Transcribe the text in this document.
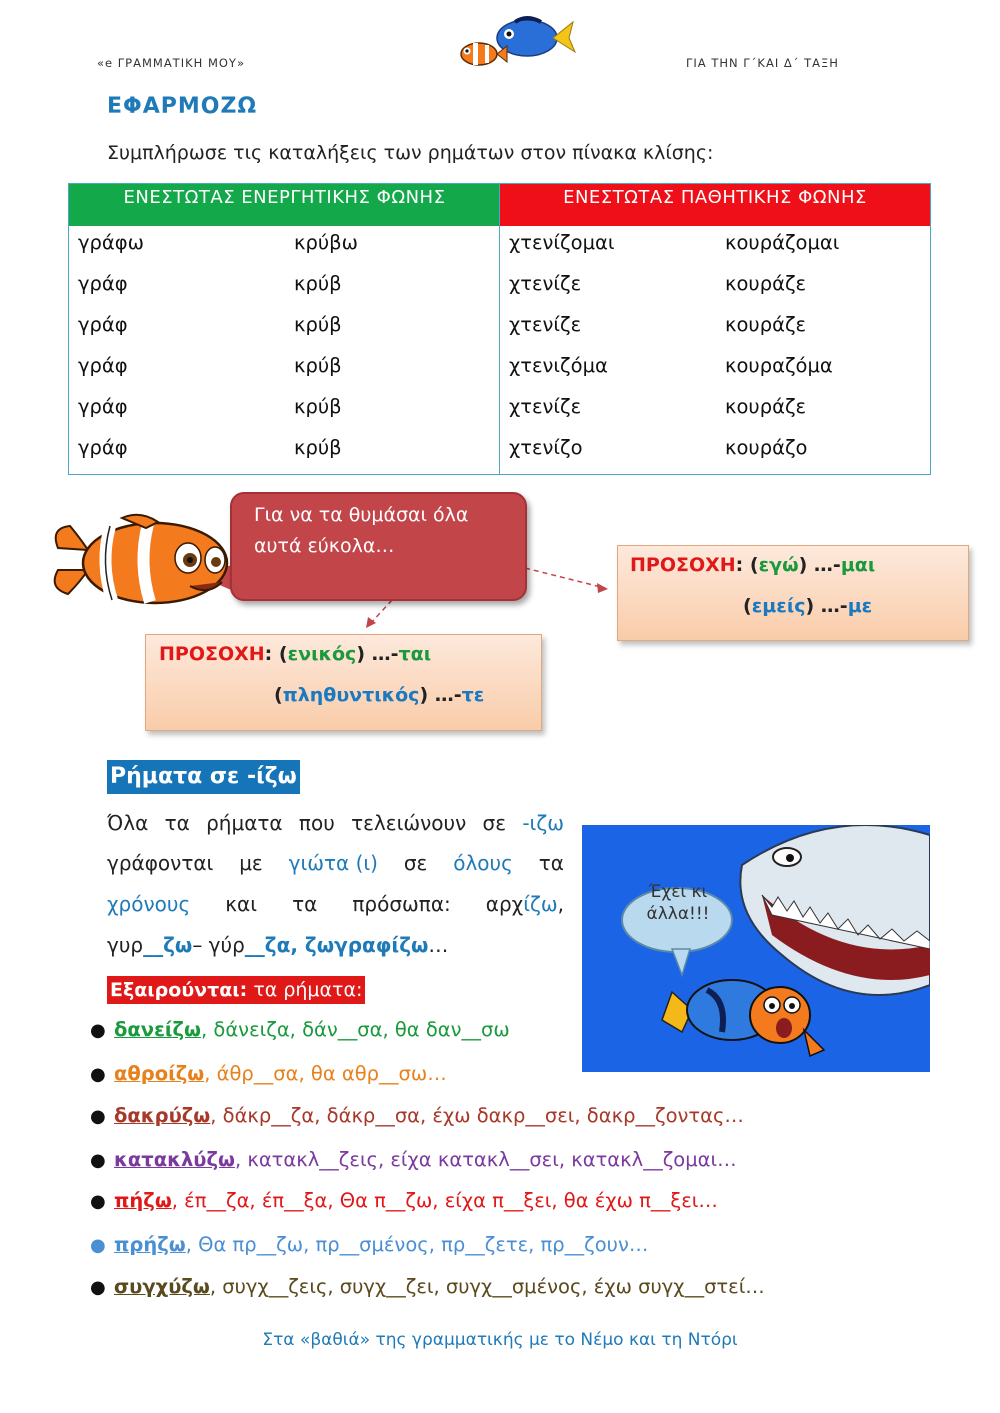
«e ΓΡΑΜΜΑΤΙΚΗ ΜΟΥ»	ΓΙΑ ΤΗΝ Γ΄ΚΑΙ Δ΄ ΤΑΞΗ
ΕΦΑΡΜΟΖΩ
Συμπλήρωσε τις καταλήξεις των ρημάτων στον πίνακα κλίσης:
ΕΝΕΣΤΩΤΑΣ ΕΝΕΡΓΗΤΙΚΗΣ ΦΩΝΗΣ	ΕΝΕΣΤΩΤΑΣ ΠΑΘΗΤΙΚΗΣ ΦΩΝΗΣ
γράφω
γράφ
γράφ
γράφ
γράφ
γράφ
κρύβω
κρύβ
κρύβ
κρύβ
κρύβ
κρύβ
χτενίζομαι
χτενίζε
χτενίζε
χτενιζόμα
χτενίζε
χτενίζο
κουράζομαι
κουράζε
κουράζε
κουραζόμα
κουράζε
κουράζο
Για να τα θυμάσαι όλα
αυτά εύκολα…
ΠΡΟΣΟΧΗ: (εγώ) …-μαι
(εμείς) …-με
ΠΡΟΣΟΧΗ: (ενικός) …-ται
(πληθυντικός) …-τε
Ρήματα σε -ίζω
Όλα τα ρήματα που τελειώνουν σε -ιζω
γράφονται με γιώτα (ι) σε όλους τα
χρόνους και τα πρόσωπα: αρχίζω,
γυρ __ζω – γύρ __ζα, ζωγραφ ίζω …
Έχει κι άλλα!!!
Εξαιρούνται: τα ρήματα:
● δανείζω, δάνειζα, δάν__σα, θα δαν__σω
● αθροίζω, άθρ__σα, θα αθρ__σω…
● δακρύζω, δάκρ__ζα, δάκρ__σα, έχω δακρ__σει, δακρ__ζοντας…
● κατακλύζω, κατακλ__ζεις, είχα κατακλ__σει, κατακλ__ζομαι…
● πήζω, έπ__ζα, έπ__ξα, Θα π__ζω, είχα π__ξει, θα έχω π__ξει…
● πρήζω, Θα πρ__ζω, πρ__σμένος, πρ__ζετε, πρ__ζουν…
● συγχύζω, συγχ__ζεις, συγχ__ζει, συγχ__σμένος, έχω συγχ__στεί…
Στα «βαθιά» της γραμματικής με το Νέμο και τη Ντόρι
